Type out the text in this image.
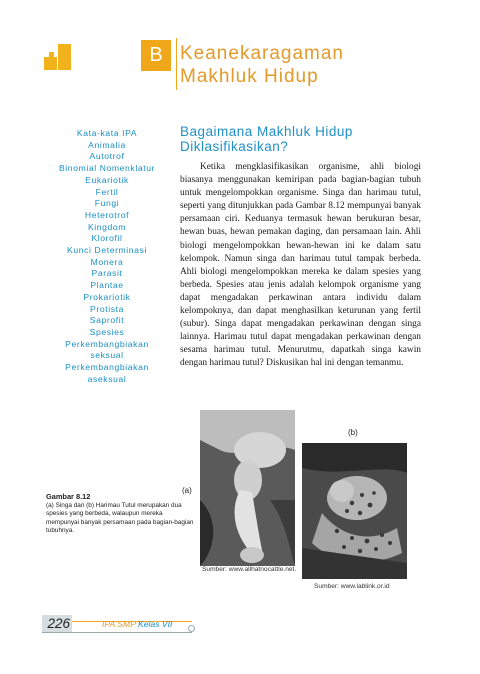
B Keanekaragaman
Makhluk Hidup
Kata-kata IPA
Animalia
Autotrof
Binomial Nomenklatur
Eukariotik
Fertil
Fungi
Heterotrof
Kingdom
Klorofil
Kunci Determinasi
Monera
Parasit
Plantae
Prokariotik
Protista
Saprofit
Spesies
Perkembangbiakan
seksual
Perkembangbiakan
aseksual
Bagaimana Makhluk Hidup
Diklasifikasikan?
Ketika mengklasifikasikan organisme, ahli biologi biasanya menggunakan kemiripan pada bagian-bagian tubuh untuk mengelompokkan organisme. Singa dan harimau tutul, seperti yang ditunjukkan pada Gambar 8.12 mempunyai banyak persamaan ciri. Keduanya termasuk hewan berukuran besar, hewan buas, hewan pemakan daging, dan persamaan lain. Ahli biologi mengelompokkan hewan-hewan ini ke dalam satu kelompok. Namun singa dan harimau tutul tampak berbeda. Ahli biologi mengelompokkan mereka ke dalam spesies yang berbeda. Spesies atau jenis adalah kelompok organisme yang dapat mengadakan perkawinan antara individu dalam kelompoknya, dan dapat menghasilkan keturunan yang fertil (subur). Singa dapat mengadakan perkawinan dengan singa lainnya. Harimau tutul dapat mengadakan perkawinan dengan sesama harimau tutul. Menurutmu, dapatkah singa kawin dengan harimau tutul? Diskusikan hal ini dengan temanmu.
(a)
(b)
Sumber: www.allhatnocattle.net.
Sumber: www.lablink.or.id
Gambar 8.12
(a) Singa dan (b) Harimau Tutul merupakan dua spesies yang berbeda, walaupun mereka mempunyai banyak persamaan pada bagian-bagian tubuhnya.
226	IPA SMP Kelas VII
